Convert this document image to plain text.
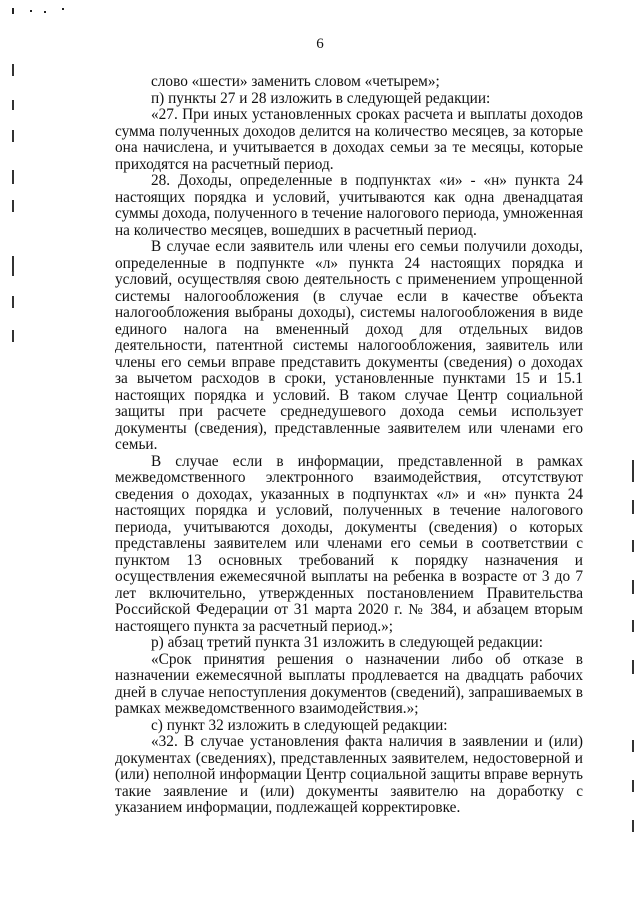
6

слово «шести» заменить словом «четырем»;

п) пункты 27 и 28 изложить в следующей редакции:

«27. При иных установленных сроках расчета и выплаты доходов сумма полученных доходов делится на количество месяцев, за которые она начислена, и учитывается в доходах семьи за те месяцы, которые приходятся на расчетный период.

28. Доходы, определенные в подпунктах «и» - «н» пункта 24 настоящих порядка и условий, учитываются как одна двенадцатая суммы дохода, полученного в течение налогового периода, умноженная на количество месяцев, вошедших в расчетный период.

В случае если заявитель или члены его семьи получили доходы, определенные в подпункте «л» пункта 24 настоящих порядка и условий, осуществляя свою деятельность с применением упрощенной системы налогообложения (в случае если в качестве объекта налогообложения выбраны доходы), системы налогообложения в виде единого налога на вмененный доход для отдельных видов деятельности, патентной системы налогообложения, заявитель или члены его семьи вправе представить документы (сведения) о доходах за вычетом расходов в сроки, установленные пунктами 15 и 15.1 настоящих порядка и условий. В таком случае Центр социальной защиты при расчете среднедушевого дохода семьи использует документы (сведения), представленные заявителем или членами его семьи.

В случае если в информации, представленной в рамках межведомственного электронного взаимодействия, отсутствуют сведения о доходах, указанных в подпунктах «л» и «н» пункта 24 настоящих порядка и условий, полученных в течение налогового периода, учитываются доходы, документы (сведения) о которых представлены заявителем или членами его семьи в соответствии с пунктом 13 основных требований к порядку назначения и осуществления ежемесячной выплаты на ребенка в возрасте от 3 до 7 лет включительно, утвержденных постановлением Правительства Российской Федерации от 31 марта 2020 г. № 384, и абзацем вторым настоящего пункта за расчетный период.»;

р) абзац третий пункта 31 изложить в следующей редакции:

«Срок принятия решения о назначении либо об отказе в назначении ежемесячной выплаты продлевается на двадцать рабочих дней в случае непоступления документов (сведений), запрашиваемых в рамках межведомственного взаимодействия.»;

с) пункт 32 изложить в следующей редакции:

«32. В случае установления факта наличия в заявлении и (или) документах (сведениях), представленных заявителем, недостоверной и (или) неполной информации Центр социальной защиты вправе вернуть такие заявление и (или) документы заявителю на доработку с указанием информации, подлежащей корректировке.
